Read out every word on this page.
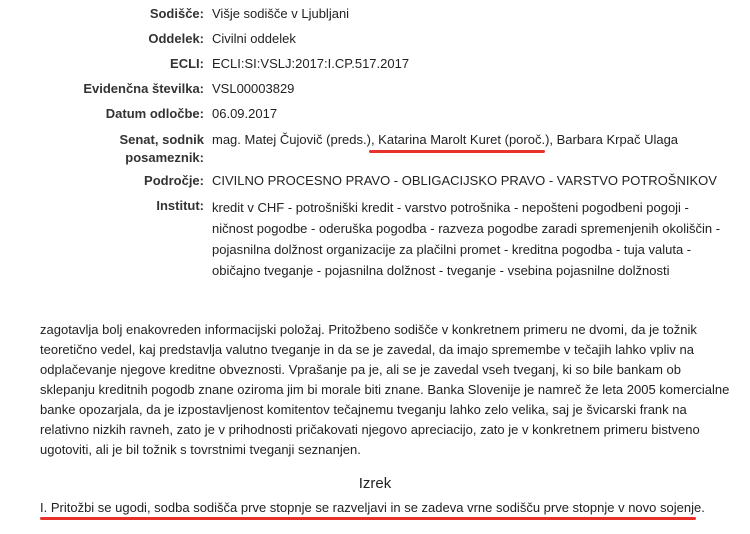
Sodišče: Višje sodišče v Ljubljani
Oddelek: Civilni oddelek
ECLI: ECLI:SI:VSLJ:2017:I.CP.517.2017
Evidenčna številka: VSL00003829
Datum odločbe: 06.09.2017
Senat, sodnik
posameznik:
mag. Matej Čujovič (preds.), Katarina Marolt Kuret (poroč.), Barbara Krpač Ulaga
Področje: CIVILNO PROCESNO PRAVO - OBLIGACIJSKO PRAVO - VARSTVO POTROŠNIKOV
Institut: kredit v CHF - potrošniški kredit - varstvo potrošnika - nepošteni pogodbeni pogoji -
ničnost pogodbe - oderuška pogodba - razveza pogodbe zaradi spremenjenih okoliščin -
pojasnilna dolžnost organizacije za plačilni promet - kreditna pogodba - tuja valuta -
običajno tveganje - pojasnilna dolžnost - tveganje - vsebina pojasnilne dolžnosti
zagotavlja bolj enakovreden informacijski položaj. Pritožbeno sodišče v konkretnem primeru ne dvomi, da je tožnik
teoretično vedel, kaj predstavlja valutno tveganje in da se je zavedal, da imajo spremembe v tečajih lahko vpliv na
odplačevanje njegove kreditne obveznosti. Vprašanje pa je, ali se je zavedal vseh tveganj, ki so bile bankam ob
sklepanju kreditnih pogodb znane oziroma jim bi morale biti znane. Banka Slovenije je namreč že leta 2005 komercialne
banke opozarjala, da je izpostavljenost komitentov tečajnemu tveganju lahko zelo velika, saj je švicarski frank na
relativno nizkih ravneh, zato je v prihodnosti pričakovati njegovo apreciacijo, zato je v konkretnem primeru bistveno
ugotoviti, ali je bil tožnik s tovrstnimi tveganji seznanjen.
Izrek
I. Pritožbi se ugodi, sodba sodišča prve stopnje se razveljavi in se zadeva vrne sodišču prve stopnje v novo sojenje.
